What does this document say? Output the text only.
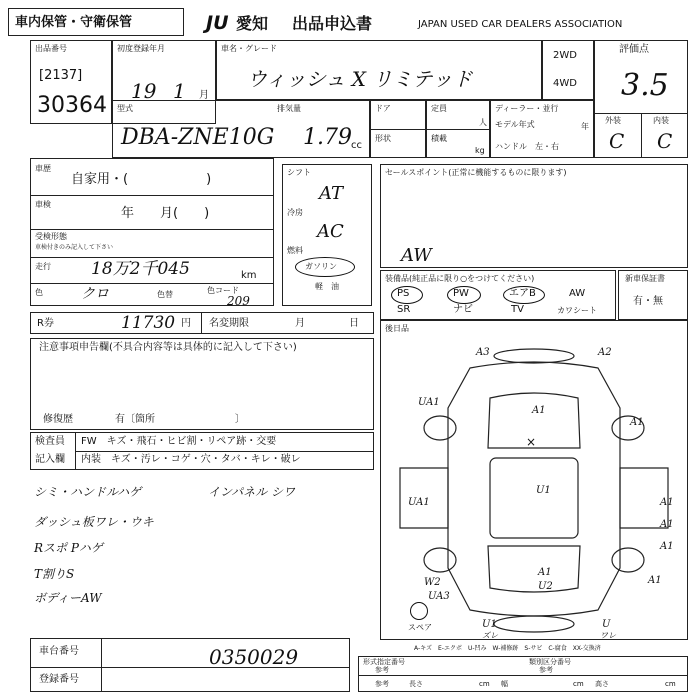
車内保管・守衛保管	JU 愛知 出品申込書	JAPAN USED CAR DEALERS ASSOCIATION
出品番号
[2137]
30364
初度登録年月
19 1 月
車名・グレード
ウィッシュ X リミテッド
2WD
4WD
評価点
3.5
外装	内装
C C
型式	排気量
DBA-ZNE10G 1.79 cc
ドア
形状
定員
人
積載
kg
ディーラー・並行
モデル年式	年
ハンドル　左・右
車歴
自家用・(　　　　　　)
車検
年　　月(　　)
受検形態
車検付きのみ記入して下さい
走行 18万2千045	km
色	クロ	色替	色コード
209
シフト
AT
冷房
AC
燃料
ガソリン
軽　油
セールスポイント(正常に機能するものに限ります)
AW
装備品(純正品に限り○をつけてください)
PS	PW	エアB	AW
SR	ナビ	TV	カワシート
新車保証書
有・無
R券	11730 円 名変期限	月	日
注意事項申告欄(不具合内容等は具体的に記入して下さい)
修復歴	有〔箇所　　　　　　　　〕
検査員
記入欄
FW　キズ・飛石・ヒビ割・リペア跡・交要
内装　キズ・汚レ・コゲ・穴・タバ・キレ・破レ
シミ・ハンドルハゲ	インパネル シワ
ダッシュ板ワレ・ウキ
Rスポ Pハゲ
T割りS
ボディーAW
後日品
×
A3	A2
UA1
A1
A1
U1
UA1	A1
A1
A1
A1
U2
W2
UA3
A1
U1
ズレ
U
ワレ
スペア
A-キズ　E-エクボ　U-凹み　W-補修跡　S-サビ　C-腐食　XX-交換済
車台番号	0350029
登録番号
形式指定番号
参考
類別区分番号
参考
参考	長さ	cm 幅	cm 高さ	cm
